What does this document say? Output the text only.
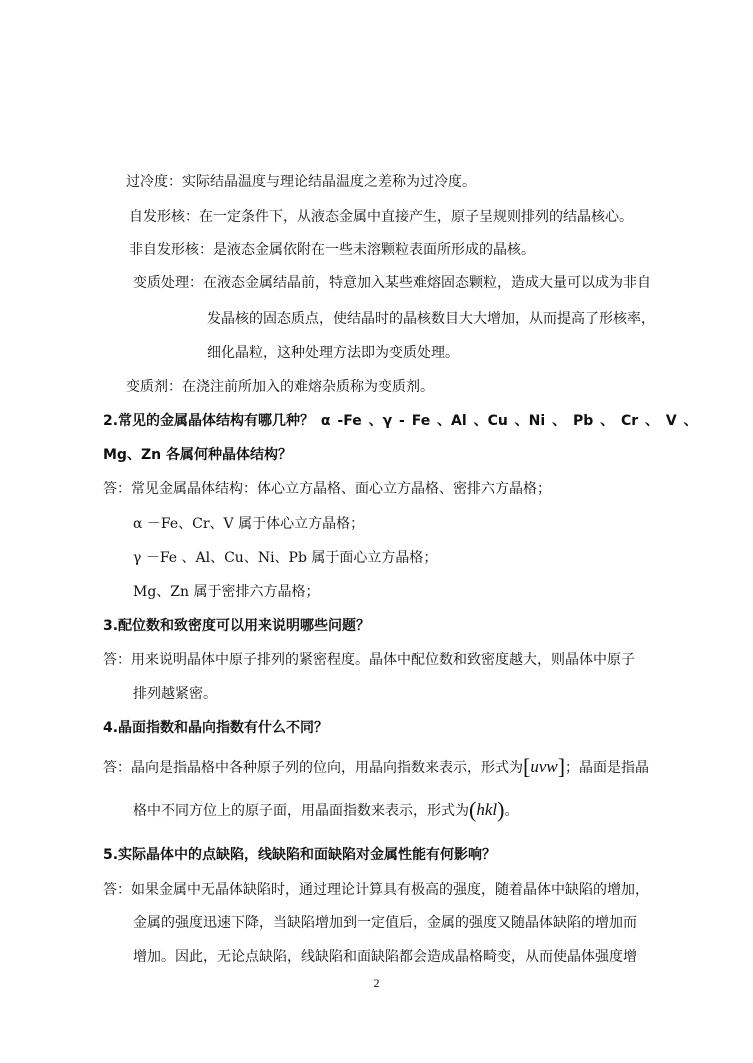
过冷度：实际结晶温度与理论结晶温度之差称为过冷度。
自发形核：在一定条件下，从液态金属中直接产生，原子呈规则排列的结晶核心。
非自发形核：是液态金属依附在一些未溶颗粒表面所形成的晶核。
变质处理：在液态金属结晶前，特意加入某些难熔固态颗粒，造成大量可以成为非自
发晶核的固态质点，使结晶时的晶核数目大大增加，从而提高了形核率，
细化晶粒，这种处理方法即为变质处理。
变质剂：在浇注前所加入的难熔杂质称为变质剂。
2.常见的金属晶体结构有哪几种？ α -Fe 、γ - Fe 、Al 、Cu 、Ni 、 Pb 、 Cr 、 V 、
Mg、Zn 各属何种晶体结构？
答：常见金属晶体结构：体心立方晶格、面心立方晶格、密排六方晶格；
α －Fe、Cr、V 属于体心立方晶格；
γ －Fe 、Al、Cu、Ni、Pb 属于面心立方晶格；
Mg、Zn 属于密排六方晶格；
3.配位数和致密度可以用来说明哪些问题？
答：用来说明晶体中原子排列的紧密程度。晶体中配位数和致密度越大，则晶体中原子
排列越紧密。
4.晶面指数和晶向指数有什么不同？
答：晶向是指晶格中各种原子列的位向，用晶向指数来表示，形式为[uvw]；晶面是指晶
格中不同方位上的原子面，用晶面指数来表示，形式为(hkl)。
5.实际晶体中的点缺陷，线缺陷和面缺陷对金属性能有何影响？
答：如果金属中无晶体缺陷时，通过理论计算具有极高的强度，随着晶体中缺陷的增加，
金属的强度迅速下降，当缺陷增加到一定值后，金属的强度又随晶体缺陷的增加而
增加。因此，无论点缺陷，线缺陷和面缺陷都会造成晶格畸变，从而使晶体强度增
2
